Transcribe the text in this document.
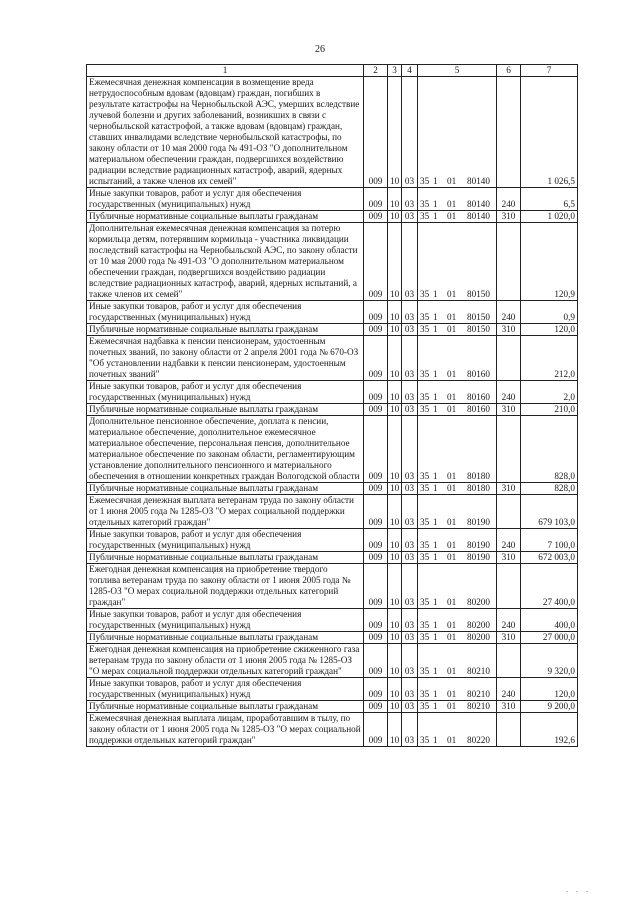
26
1	2	3	4	5	6	7
Ежемесячная денежная компенсация в возмещение вреда нетрудоспособным вдовам (вдовцам) граждан, погибших в результате катастрофы на Чернобыльской АЭС, умерших вследствие лучевой болезни и других заболеваний, возникших в связи с чернобыльской катастрофой, а также вдовам (вдовцам) граждан, ставших инвалидами вследствие чернобыльской катастрофы, по закону области от 10 мая 2000 года № 491-ОЗ "О дополнительном материальном обеспечении граждан, подвергшихся воздействию радиации вследствие радиационных катастроф, аварий, ядерных испытаний, а также членов их семей"	009	10	03	35 1 01 80140		1 026,5
Иные закупки товаров, работ и услуг для обеспечения государственных (муниципальных) нужд	009	10	03	35 1 01 80140	240	6,5
Публичные нормативные социальные выплаты гражданам	009	10	03	35 1 01 80140	310	1 020,0
Дополнительная ежемесячная денежная компенсация за потерю кормильца детям, потерявшим кормильца - участника ликвидации последствий катастрофы на Чернобыльской АЭС, по закону области от 10 мая 2000 года № 491-ОЗ "О дополнительном материальном обеспечении граждан, подвергшихся воздействию радиации вследствие радиационных катастроф, аварий, ядерных испытаний, а также членов их семей"	009	10	03	35 1 01 80150		120,9
Иные закупки товаров, работ и услуг для обеспечения государственных (муниципальных) нужд	009	10	03	35 1 01 80150	240	0,9
Публичные нормативные социальные выплаты гражданам	009	10	03	35 1 01 80150	310	120,0
Ежемесячная надбавка к пенсии пенсионерам, удостоенным почетных званий, по закону области от 2 апреля 2001 года № 670-ОЗ "Об установлении надбавки к пенсии пенсионерам, удостоенным почетных званий"	009	10	03	35 1 01 80160		212,0
Иные закупки товаров, работ и услуг для обеспечения государственных (муниципальных) нужд	009	10	03	35 1 01 80160	240	2,0
Публичные нормативные социальные выплаты гражданам	009	10	03	35 1 01 80160	310	210,0
Дополнительное пенсионное обеспечение, доплата к пенсии, материальное обеспечение, дополнительное ежемесячное материальное обеспечение, персональная пенсия, дополнительное материальное обеспечение по законам области, регламентирующим установление дополнительного пенсионного и материального обеспечения в отношении конкретных граждан Вологодской области	009	10	03	35 1 01 80180		828,0
Публичные нормативные социальные выплаты гражданам	009	10	03	35 1 01 80180	310	828,0
Ежемесячная денежная выплата ветеранам труда по закону области от 1 июня 2005 года № 1285-ОЗ "О мерах социальной поддержки отдельных категорий граждан"	009	10	03	35 1 01 80190		679 103,0
Иные закупки товаров, работ и услуг для обеспечения государственных (муниципальных) нужд	009	10	03	35 1 01 80190	240	7 100,0
Публичные нормативные социальные выплаты гражданам	009	10	03	35 1 01 80190	310	672 003,0
Ежегодная денежная компенсация на приобретение твердого топлива ветеранам труда по закону области от 1 июня 2005 года № 1285-ОЗ "О мерах социальной поддержки отдельных категорий граждан"	009	10	03	35 1 01 80200		27 400,0
Иные закупки товаров, работ и услуг для обеспечения государственных (муниципальных) нужд	009	10	03	35 1 01 80200	240	400,0
Публичные нормативные социальные выплаты гражданам	009	10	03	35 1 01 80200	310	27 000,0
Ежегодная денежная компенсация на приобретение сжиженного газа ветеранам труда по закону области от 1 июня 2005 года № 1285-ОЗ "О мерах социальной поддержки отдельных категорий граждан"	009	10	03	35 1 01 80210		9 320,0
Иные закупки товаров, работ и услуг для обеспечения государственных (муниципальных) нужд	009	10	03	35 1 01 80210	240	120,0
Публичные нормативные социальные выплаты гражданам	009	10	03	35 1 01 80210	310	9 200,0
Ежемесячная денежная выплата лицам, проработавшим в тылу, по закону области от 1 июня 2005 года № 1285-ОЗ "О мерах социальной поддержки отдельных категорий граждан"	009	10	03	35 1 01 80220		192,6
. . .
